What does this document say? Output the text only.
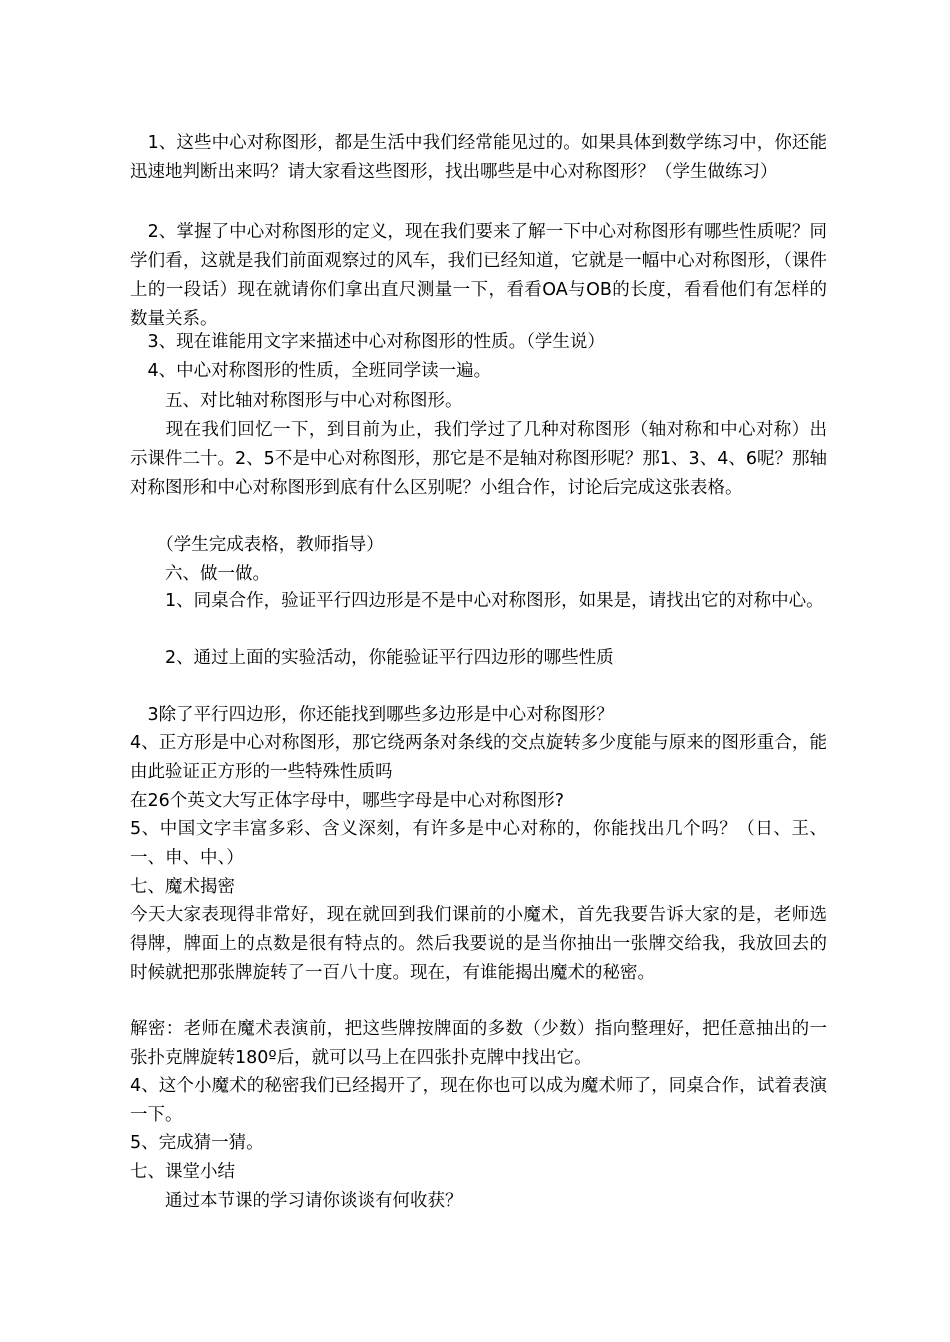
　1、这些中心对称图形，都是生活中我们经常能见过的。如果具体到数学练习中，你还能迅速地判断出来吗？请大家看这些图形，找出哪些是中心对称图形？（学生做练习）

　2、掌握了中心对称图形的定义，现在我们要来了解一下中心对称图形有哪些性质呢？同学们看，这就是我们前面观察过的风车，我们已经知道，它就是一幅中心对称图形，（课件上的一段话）现在就请你们拿出直尺测量一下，看看OA与OB的长度，看看他们有怎样的数量关系。

　3、现在谁能用文字来描述中心对称图形的性质。（学生说）

　4、中心对称图形的性质，全班同学读一遍。

　　五、对比轴对称图形与中心对称图形。

　　现在我们回忆一下，到目前为止，我们学过了几种对称图形（轴对称和中心对称）出示课件二十。2、5不是中心对称图形，那它是不是轴对称图形呢？那1、3、4、6呢？那轴对称图形和中心对称图形到底有什么区别呢？小组合作，讨论后完成这张表格。

　　（学生完成表格，教师指导）

　　六、做一做。

　　1、同桌合作，验证平行四边形是不是中心对称图形，如果是，请找出它的对称中心。

　　2、通过上面的实验活动，你能验证平行四边形的哪些性质

　3除了平行四边形，你还能找到哪些多边形是中心对称图形？

4、正方形是中心对称图形，那它绕两条对条线的交点旋转多少度能与原来的图形重合，能由此验证正方形的一些特殊性质吗

在26个英文大写正体字母中，哪些字母是中心对称图形?

5、中国文字丰富多彩、含义深刻，有许多是中心对称的，你能找出几个吗？（日、王、一、申、中、）

七、魔术揭密

今天大家表现得非常好，现在就回到我们课前的小魔术，首先我要告诉大家的是，老师选得牌，牌面上的点数是很有特点的。然后我要说的是当你抽出一张牌交给我，我放回去的时候就把那张牌旋转了一百八十度。现在，有谁能揭出魔术的秘密。

解密：老师在魔术表演前，把这些牌按牌面的多数（少数）指向整理好，把任意抽出的一张扑克牌旋转180º后，就可以马上在四张扑克牌中找出它。

4、这个小魔术的秘密我们已经揭开了，现在你也可以成为魔术师了，同桌合作，试着表演一下。

5、完成猜一猜。

七、课堂小结

　　通过本节课的学习请你谈谈有何收获？
